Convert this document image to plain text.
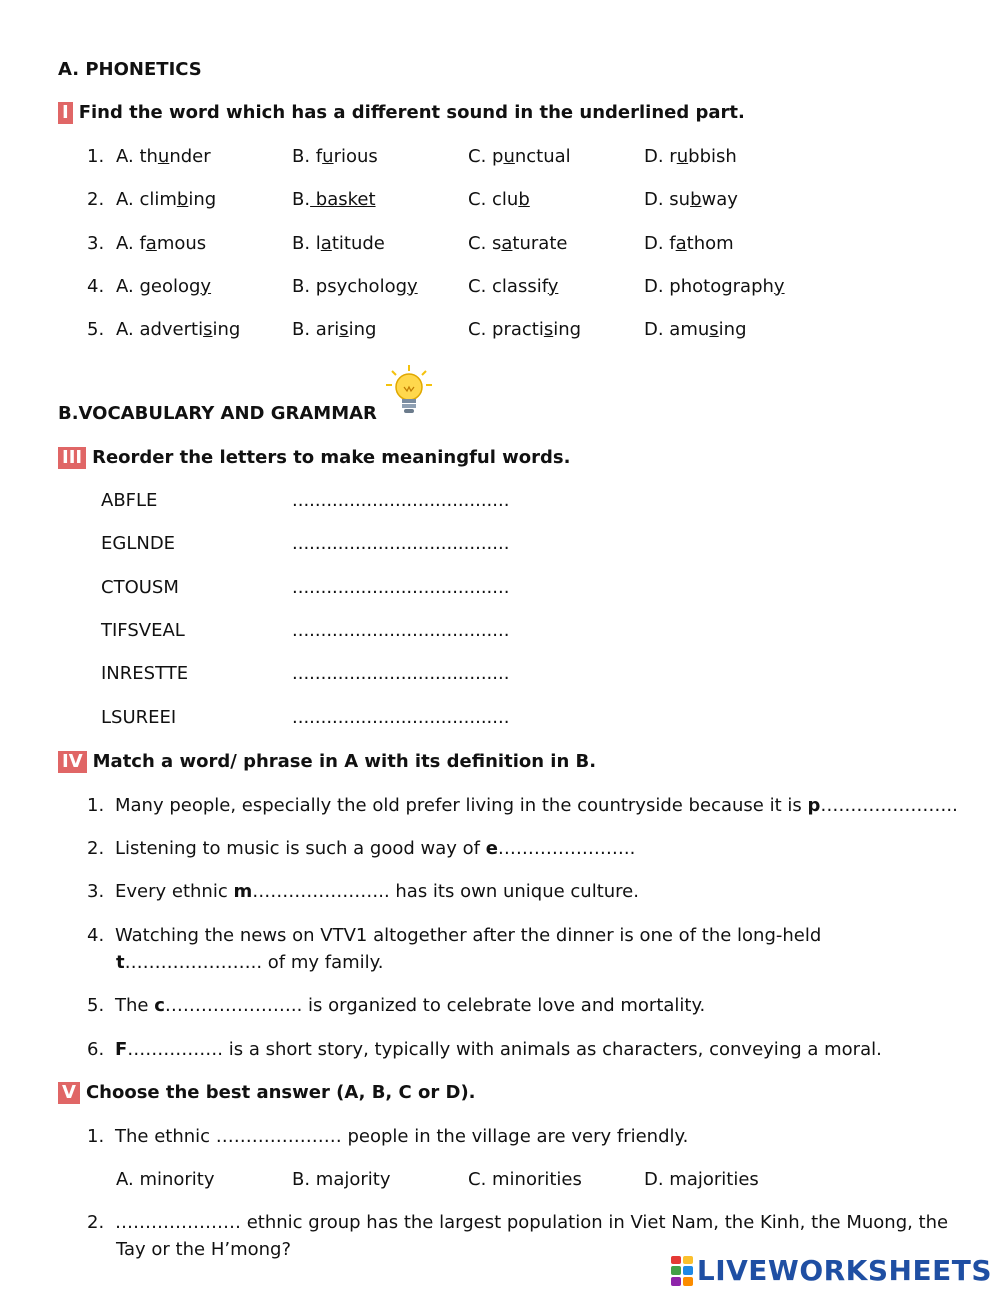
A. PHONETICS
I Find the word which has a different sound in the underlined part.
1. A. thunder	B. furious	C. punctual	D. rubbish
2. A. climbing	B. basket	C. club	D. subway
3. A. famous	B. latitude	C. saturate	D. fathom
4. A. geology	B. psychology	C. classify	D. photography
5. A. advertising	B. arising	C. practising	D. amusing
B.VOCABULARY AND GRAMMAR
III Reorder the letters to make meaningful words.
ABFLE	......................................
EGLNDE	......................................
CTOUSM	......................................
TIFSVEAL	......................................
INRESTTE	......................................
LSUREEI	......................................
IV Match a word/ phrase in A with its definition in B.
1. Many people, especially the old prefer living in the countryside because it is p…………………..
2. Listening to music is such a good way of e…………………..
3. Every ethnic m………………….. has its own unique culture.
4. Watching the news on VTV1 altogether after the dinner is one of the long-held
t………………….. of my family.
5. The c………………….. is organized to celebrate love and mortality.
6. F……………. is a short story, typically with animals as characters, conveying a moral.
V Choose the best answer (A, B, C or D).
1. The ethnic ………………… people in the village are very friendly.
A. minority	B. majority	C. minorities	D. majorities
2. ………………… ethnic group has the largest population in Viet Nam, the Kinh, the Muong, the
Tay or the H’mong?
LIVEWORKSHEETS
